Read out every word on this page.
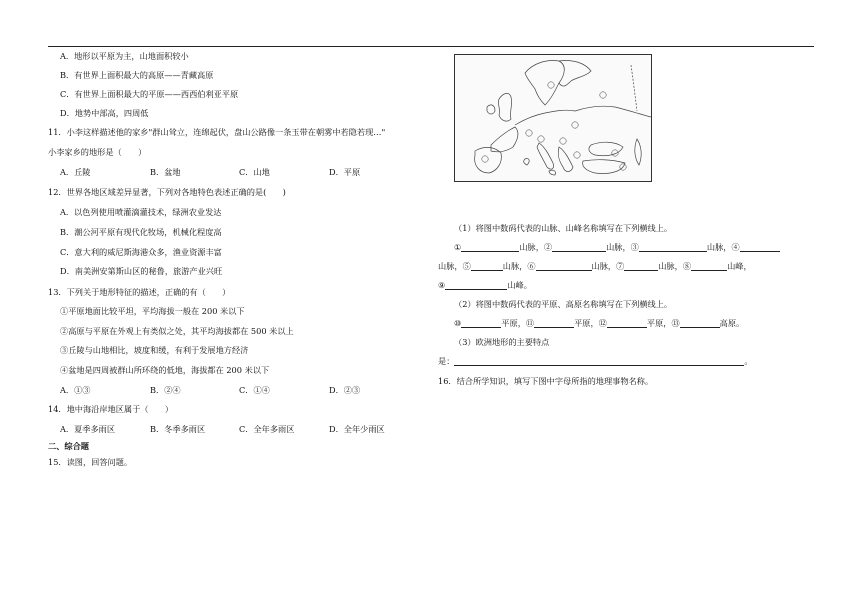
A．地形以平原为主，山地面积较小
B．有世界上面积最大的高原——青藏高原
C．有世界上面积最大的平原——西西伯利亚平原
D．地势中部高，四周低
11．小李这样描述他的家乡"群山耸立，连绵起伏，盘山公路像一条玉带在朝雾中若隐若现…"
小李家乡的地形是（　　）
A．丘陵	B．盆地	C．山地	D．平原
12．世界各地区域差异显著，下列对各地特色表述正确的是(　　)
A．以色列使用喷灌滴灌技术，绿洲农业发达
B．潮公河平原有现代化牧场，机械化程度高
C．意大利的威尼斯海港众多，渔业资源丰富
D．南美洲安第斯山区的秘鲁，旅游产业兴旺
13．下列关于地形特征的描述，正确的有（　　）
①平原地面比较平坦，平均海拔一般在 200 米以下
②高原与平原在外观上有类似之处，其平均海拔都在 500 米以上
③丘陵与山地相比，坡度和缓，有利于发展地方经济
④盆地是四周被群山所环绕的低地，海拔都在 200 米以下
A．①③	B．②④	C．①④	D．②③
14．地中海沿岸地区属于（　　）
A．夏季多雨区	B．冬季多雨区	C．全年多雨区	D．全年少雨区
二、综合题
15．读图，回答问题。
（1）将图中数码代表的山脉、山峰名称填写在下列横线上。
①	山脉，②	山脉，③	山脉，④
山脉，⑤	山脉，⑥	山脉，⑦	山脉，⑧	山峰，
⑨	山峰。
（2）将图中数码代表的平原、高原名称填写在下列横线上。
⑩	平原，⑪	平原，⑫	平原，⑬	高原。
（3）欧洲地形的主要特点
是：	。
16．结合所学知识，填写下图中字母所指的地理事物名称。
